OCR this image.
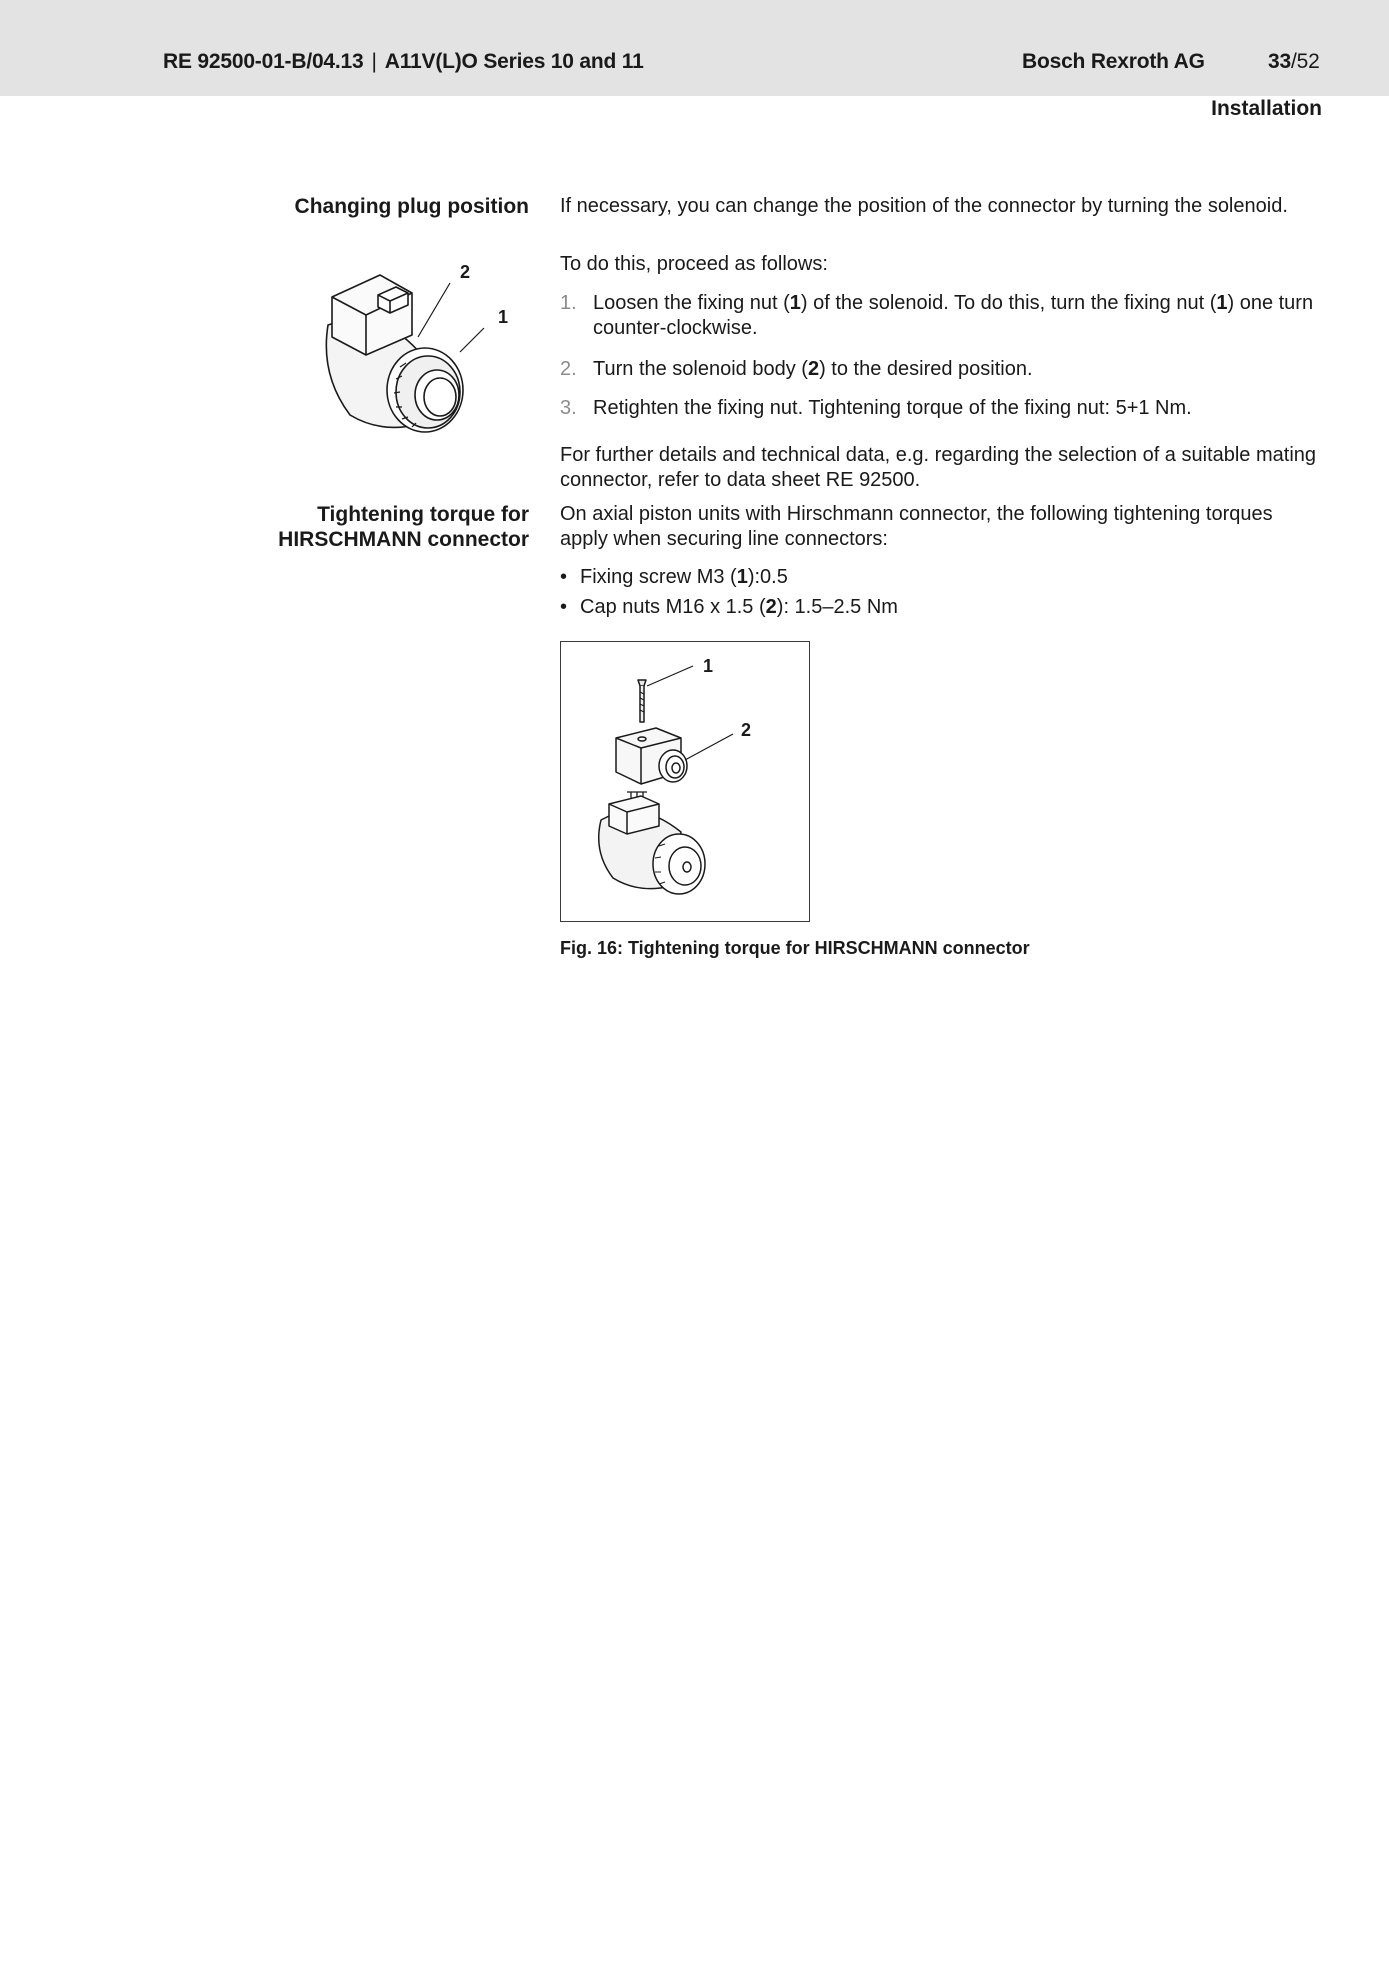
RE 92500-01-B/04.13 | A11V(L)O Series 10 and 11	Bosch Rexroth AG	33/52
Installation
Changing plug position
2
1
If necessary, you can change the position of the connector by turning the solenoid.
To do this, proceed as follows:
1. Loosen the fixing nut (1) of the solenoid. To do this, turn the fixing nut (1) one turn counter-clockwise.
2. Turn the solenoid body (2) to the desired position.
3. Retighten the fixing nut. Tightening torque of the fixing nut: 5+1 Nm.
For further details and technical data, e.g. regarding the selection of a suitable mating connector, refer to data sheet RE 92500.
Tightening torque for
HIRSCHMANN connector
On axial piston units with Hirschmann connector, the following tightening torques apply when securing line connectors:
• Fixing screw M3 (1):0.5
• Cap nuts M16 x 1.5 (2): 1.5–2.5 Nm
1
2
Fig. 16: Tightening torque for HIRSCHMANN connector
